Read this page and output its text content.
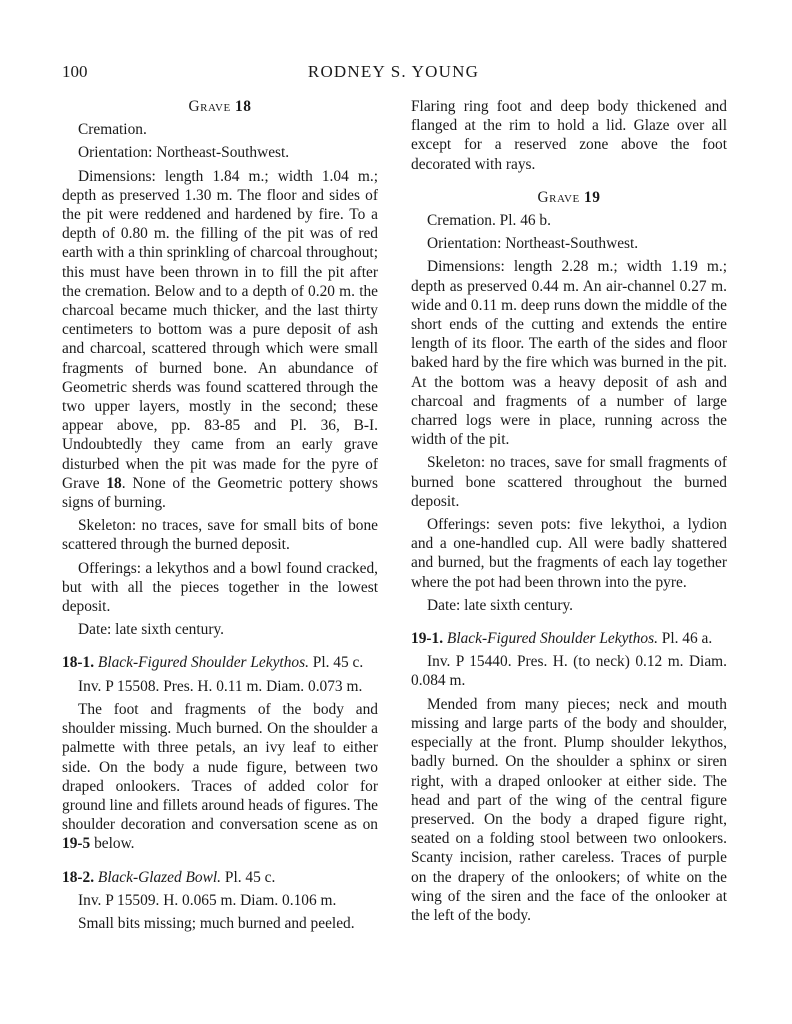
100	RODNEY S. YOUNG

Grave 18

Cremation.

Orientation: Northeast-Southwest.

Dimensions: length 1.84 m.; width 1.04 m.; depth as preserved 1.30 m. The floor and sides of the pit were reddened and hardened by fire. To a depth of 0.80 m. the filling of the pit was of red earth with a thin sprinkling of charcoal throughout; this must have been thrown in to fill the pit after the cremation. Below and to a depth of 0.20 m. the charcoal became much thicker, and the last thirty centimeters to bottom was a pure deposit of ash and charcoal, scattered through which were small fragments of burned bone. An abundance of Geometric sherds was found scattered through the two upper layers, mostly in the second; these appear above, pp. 83-85 and Pl. 36, B-I. Undoubtedly they came from an early grave disturbed when the pit was made for the pyre of Grave 18. None of the Geometric pottery shows signs of burning.

Skeleton: no traces, save for small bits of bone scattered through the burned deposit.

Offerings: a lekythos and a bowl found cracked, but with all the pieces together in the lowest deposit.

Date: late sixth century.

18-1. Black-Figured Shoulder Lekythos. Pl. 45 c.

Inv. P 15508. Pres. H. 0.11 m. Diam. 0.073 m.

The foot and fragments of the body and shoulder missing. Much burned. On the shoulder a palmette with three petals, an ivy leaf to either side. On the body a nude figure, between two draped onlookers. Traces of added color for ground line and fillets around heads of figures. The shoulder decoration and conversation scene as on 19-5 below.

18-2. Black-Glazed Bowl. Pl. 45 c.

Inv. P 15509. H. 0.065 m. Diam. 0.106 m.

Small bits missing; much burned and peeled.

Flaring ring foot and deep body thickened and flanged at the rim to hold a lid. Glaze over all except for a reserved zone above the foot decorated with rays.

Grave 19

Cremation. Pl. 46 b.

Orientation: Northeast-Southwest.

Dimensions: length 2.28 m.; width 1.19 m.; depth as preserved 0.44 m. An air-channel 0.27 m. wide and 0.11 m. deep runs down the middle of the short ends of the cutting and extends the entire length of its floor. The earth of the sides and floor baked hard by the fire which was burned in the pit. At the bottom was a heavy deposit of ash and charcoal and fragments of a number of large charred logs were in place, running across the width of the pit.

Skeleton: no traces, save for small fragments of burned bone scattered throughout the burned deposit.

Offerings: seven pots: five lekythoi, a lydion and a one-handled cup. All were badly shattered and burned, but the fragments of each lay together where the pot had been thrown into the pyre.

Date: late sixth century.

19-1. Black-Figured Shoulder Lekythos. Pl. 46 a.

Inv. P 15440. Pres. H. (to neck) 0.12 m. Diam. 0.084 m.

Mended from many pieces; neck and mouth missing and large parts of the body and shoulder, especially at the front. Plump shoulder lekythos, badly burned. On the shoulder a sphinx or siren right, with a draped onlooker at either side. The head and part of the wing of the central figure preserved. On the body a draped figure right, seated on a folding stool between two onlookers. Scanty incision, rather careless. Traces of purple on the drapery of the onlookers; of white on the wing of the siren and the face of the onlooker at the left of the body.
